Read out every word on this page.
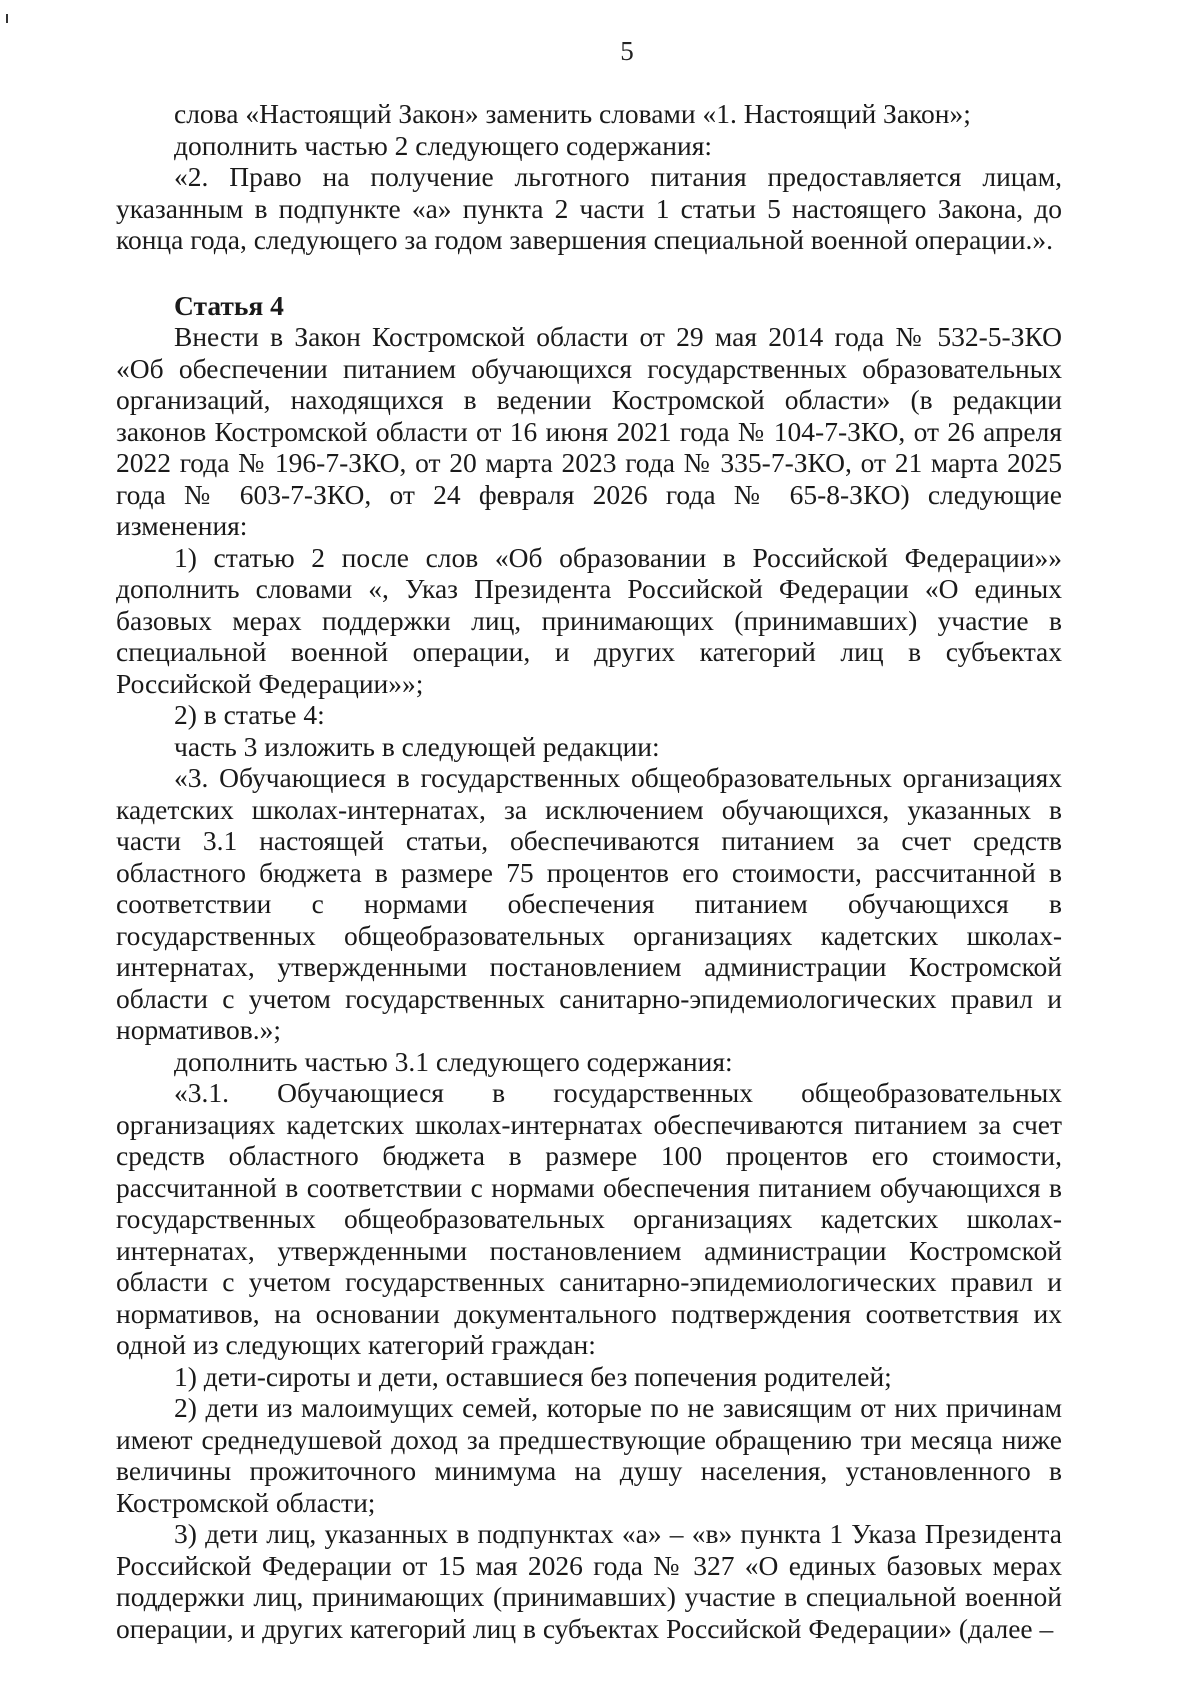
5

слова «Настоящий Закон» заменить словами «1. Настоящий Закон»;

дополнить частью 2 следующего содержания:

«2. Право на получение льготного питания предоставляется лицам, указанным в подпункте «а» пункта 2 части 1 статьи 5 настоящего Закона, до конца года, следующего за годом завершения специальной военной операции.».

Статья 4

Внести в Закон Костромской области от 29 мая 2014 года № 532-5-ЗКО «Об обеспечении питанием обучающихся государственных образовательных организаций, находящихся в ведении Костромской области» (в редакции законов Костромской области от 16 июня 2021 года № 104-7-ЗКО, от 26 апреля 2022 года № 196-7-ЗКО, от 20 марта 2023 года № 335-7-ЗКО, от 21 марта 2025 года № 603-7-ЗКО, от 24 февраля 2026 года № 65-8-ЗКО) следующие изменения:

1) статью 2 после слов «Об образовании в Российской Федерации»» дополнить словами «, Указ Президента Российской Федерации «О единых базовых мерах поддержки лиц, принимающих (принимавших) участие в специальной военной операции, и других категорий лиц в субъектах Российской Федерации»»;

2) в статье 4:

часть 3 изложить в следующей редакции:

«3. Обучающиеся в государственных общеобразовательных организациях кадетских школах-интернатах, за исключением обучающихся, указанных в части 3.1 настоящей статьи, обеспечиваются питанием за счет средств областного бюджета в размере 75 процентов его стоимости, рассчитанной в соответствии с нормами обеспечения питанием обучающихся в государственных общеобразовательных организациях кадетских школах-интернатах, утвержденными постановлением администрации Костромской области с учетом государственных санитарно-эпидемиологических правил и нормативов.»;

дополнить частью 3.1 следующего содержания:

«3.1. Обучающиеся в государственных общеобразовательных организациях кадетских школах-интернатах обеспечиваются питанием за счет средств областного бюджета в размере 100 процентов его стоимости, рассчитанной в соответствии с нормами обеспечения питанием обучающихся в государственных общеобразовательных организациях кадетских школах-интернатах, утвержденными постановлением администрации Костромской области с учетом государственных санитарно-эпидемиологических правил и нормативов, на основании документального подтверждения соответствия их одной из следующих категорий граждан:

1) дети-сироты и дети, оставшиеся без попечения родителей;

2) дети из малоимущих семей, которые по не зависящим от них причинам имеют среднедушевой доход за предшествующие обращению три месяца ниже величины прожиточного минимума на душу населения, установленного в Костромской области;

3) дети лиц, указанных в подпунктах «а» – «в» пункта 1 Указа Президента Российской Федерации от 15 мая 2026 года № 327 «О единых базовых мерах поддержки лиц, принимающих (принимавших) участие в специальной военной операции, и других категорий лиц в субъектах Российской Федерации» (далее –
